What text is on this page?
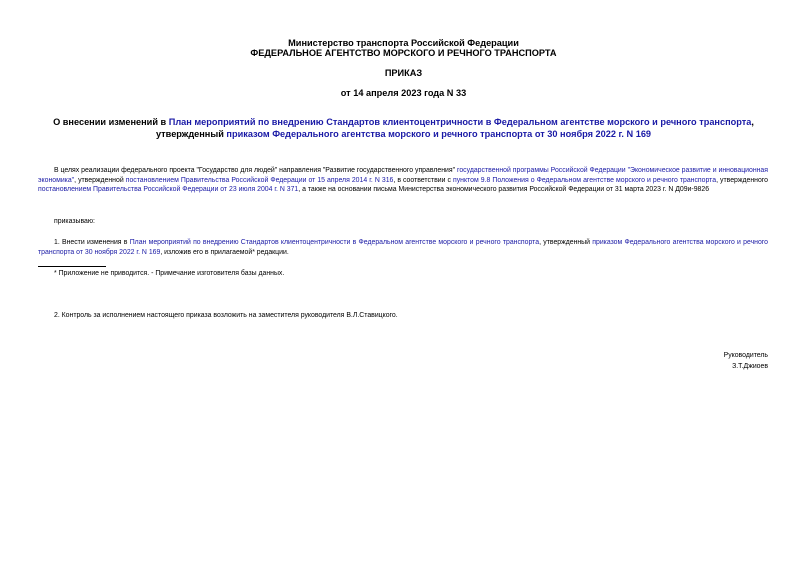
Министерство транспорта Российской Федерации
ФЕДЕРАЛЬНОЕ АГЕНТСТВО МОРСКОГО И РЕЧНОГО ТРАНСПОРТА
ПРИКАЗ
от 14 апреля 2023 года N 33
О внесении изменений в План мероприятий по внедрению Стандартов клиентоцентричности в Федеральном агентстве морского и речного транспорта, утвержденный приказом Федерального агентства морского и речного транспорта от 30 ноября 2022 г. N 169

В целях реализации федерального проекта "Государство для людей" направления "Развитие государственного управления" государственной программы Российской Федерации "Экономическое развитие и инновационная экономика", утвержденной постановлением Правительства Российской Федерации от 15 апреля 2014 г. N 316, в соответствии с пунктом 9.8 Положения о Федеральном агентстве морского и речного транспорта, утвержденного постановлением Правительства Российской Федерации от 23 июля 2004 г. N 371, а также на основании письма Министерства экономического развития Российской Федерации от 31 марта 2023 г. N Д09и-9826

приказываю:

1. Внести изменения в План мероприятий по внедрению Стандартов клиентоцентричности в Федеральном агентстве морского и речного транспорта, утвержденный приказом Федерального агентства морского и речного транспорта от 30 ноября 2022 г. N 169, изложив его в прилагаемой* редакции.

* Приложение не приводится. - Примечание изготовителя базы данных.

2. Контроль за исполнением настоящего приказа возложить на заместителя руководителя В.Л.Ставицкого.

Руководитель
З.Т.Джиоев
